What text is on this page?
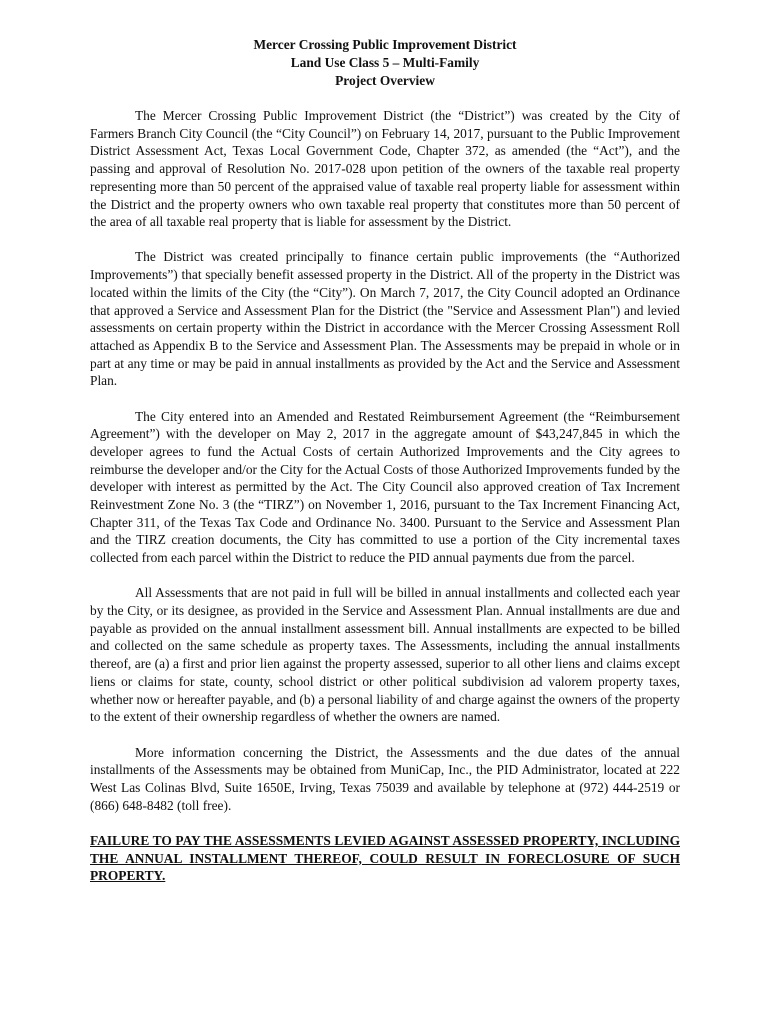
Mercer Crossing Public Improvement District
Land Use Class 5 – Multi-Family
Project Overview

The Mercer Crossing Public Improvement District (the “District”) was created by the City of Farmers Branch City Council (the “City Council”) on February 14, 2017, pursuant to the Public Improvement District Assessment Act, Texas Local Government Code, Chapter 372, as amended (the “Act”), and the passing and approval of Resolution No. 2017-028 upon petition of the owners of the taxable real property representing more than 50 percent of the appraised value of taxable real property liable for assessment within the District and the property owners who own taxable real property that constitutes more than 50 percent of the area of all taxable real property that is liable for assessment by the District.

The District was created principally to finance certain public improvements (the “Authorized Improvements”) that specially benefit assessed property in the District. All of the property in the District was located within the limits of the City (the “City”). On March 7, 2017, the City Council adopted an Ordinance that approved a Service and Assessment Plan for the District (the "Service and Assessment Plan") and levied assessments on certain property within the District in accordance with the Mercer Crossing Assessment Roll attached as Appendix B to the Service and Assessment Plan. The Assessments may be prepaid in whole or in part at any time or may be paid in annual installments as provided by the Act and the Service and Assessment Plan.

The City entered into an Amended and Restated Reimbursement Agreement (the “Reimbursement Agreement”) with the developer on May 2, 2017 in the aggregate amount of $43,247,845 in which the developer agrees to fund the Actual Costs of certain Authorized Improvements and the City agrees to reimburse the developer and/or the City for the Actual Costs of those Authorized Improvements funded by the developer with interest as permitted by the Act. The City Council also approved creation of Tax Increment Reinvestment Zone No. 3 (the “TIRZ”) on November 1, 2016, pursuant to the Tax Increment Financing Act, Chapter 311, of the Texas Tax Code and Ordinance No. 3400. Pursuant to the Service and Assessment Plan and the TIRZ creation documents, the City has committed to use a portion of the City incremental taxes collected from each parcel within the District to reduce the PID annual payments due from the parcel.

All Assessments that are not paid in full will be billed in annual installments and collected each year by the City, or its designee, as provided in the Service and Assessment Plan. Annual installments are due and payable as provided on the annual installment assessment bill. Annual installments are expected to be billed and collected on the same schedule as property taxes. The Assessments, including the annual installments thereof, are (a) a first and prior lien against the property assessed, superior to all other liens and claims except liens or claims for state, county, school district or other political subdivision ad valorem property taxes, whether now or hereafter payable, and (b) a personal liability of and charge against the owners of the property to the extent of their ownership regardless of whether the owners are named.

More information concerning the District, the Assessments and the due dates of the annual installments of the Assessments may be obtained from MuniCap, Inc., the PID Administrator, located at 222 West Las Colinas Blvd, Suite 1650E, Irving, Texas 75039 and available by telephone at (972) 444-2519 or (866) 648-8482 (toll free).

FAILURE TO PAY THE ASSESSMENTS LEVIED AGAINST ASSESSED PROPERTY, INCLUDING THE ANNUAL INSTALLMENT THEREOF, COULD RESULT IN FORECLOSURE OF SUCH PROPERTY.
